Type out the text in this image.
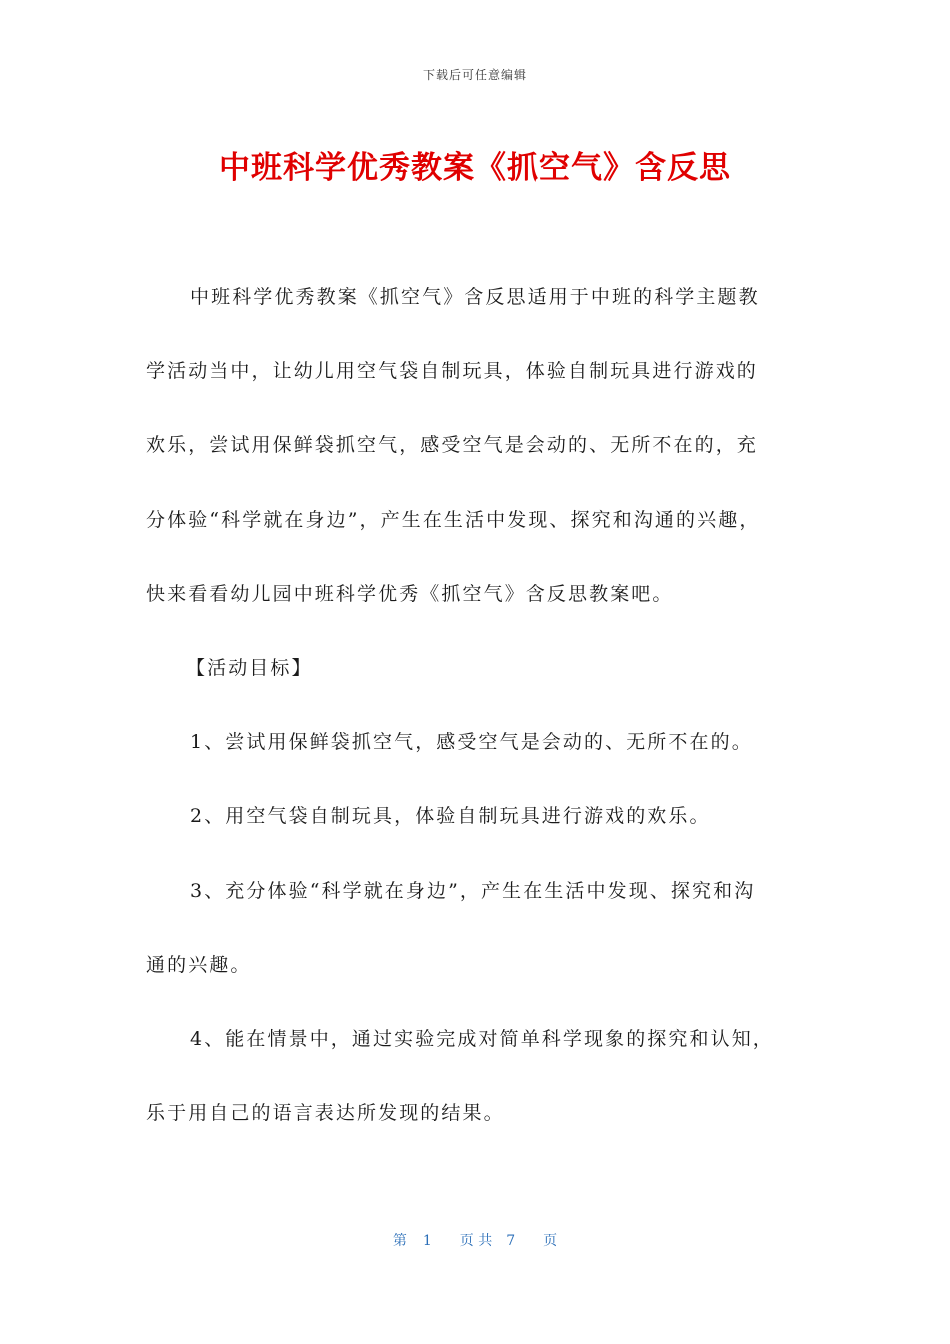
下载后可任意编辑
中班科学优秀教案《抓空气》含反思
中班科学优秀教案《抓空气》含反思适用于中班的科学主题教
学活动当中，让幼儿用空气袋自制玩具，体验自制玩具进行游戏的
欢乐，尝试用保鲜袋抓空气，感受空气是会动的、无所不在的，充
分体验“科学就在身边”，产生在生活中发现、探究和沟通的兴趣，
快来看看幼儿园中班科学优秀《抓空气》含反思教案吧。
【活动目标】
1、尝试用保鲜袋抓空气，感受空气是会动的、无所不在的。
2、用空气袋自制玩具，体验自制玩具进行游戏的欢乐。
3、充分体验“科学就在身边”，产生在生活中发现、探究和沟
通的兴趣。
4、能在情景中，通过实验完成对简单科学现象的探究和认知，
乐于用自己的语言表达所发现的结果。
第 1 页 共 7 页
